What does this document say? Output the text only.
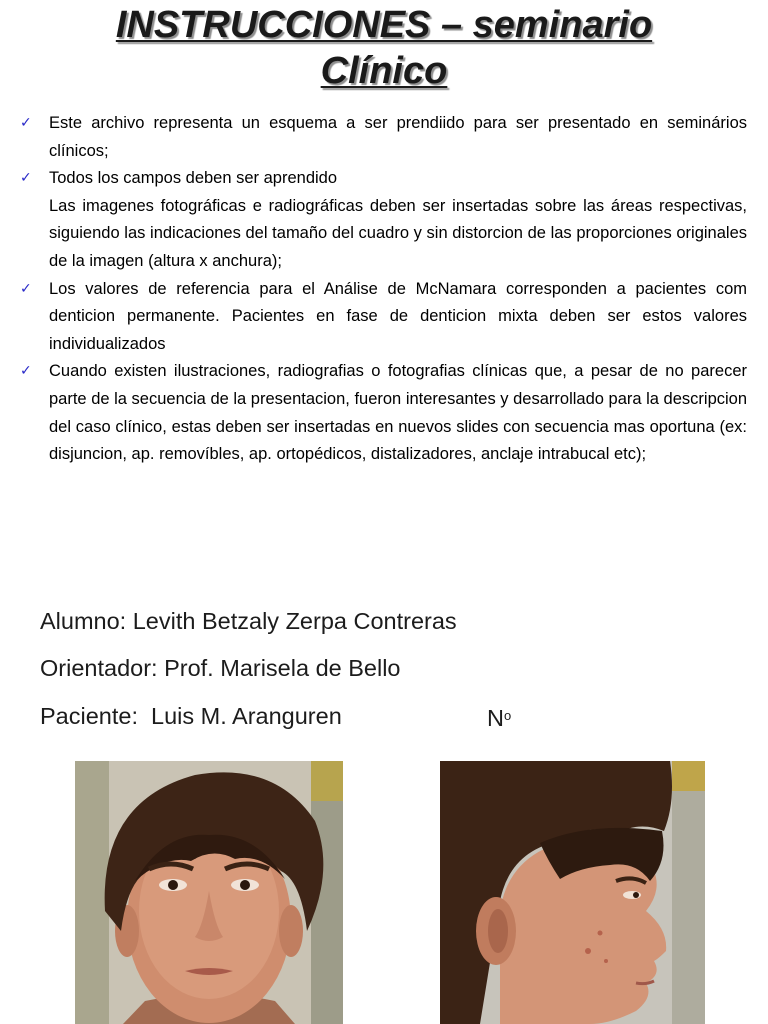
INSTRUCCIONES – seminario
Clínico
✓ Este archivo representa un esquema a ser prendiido para ser presentado en seminários clínicos;
✓ Todos los campos deben ser aprendido
Las imagenes fotográficas e radiográficas deben ser insertadas sobre las áreas respectivas, siguiendo las indicaciones del tamaño del cuadro y sin distorcion de las proporciones originales de la imagen (altura x anchura);
✓ Los valores de referencia para el Análise de McNamara corresponden a pacientes com denticion permanente. Pacientes en fase de denticion mixta deben ser estos valores individualizados
✓ Cuando existen ilustraciones, radiografias o fotografias clínicas que, a pesar de no parecer parte de la secuencia de la presentacion, fueron interesantes y desarrollado para la descripcion del caso clínico, estas deben ser insertadas en nuevos slides con secuencia mas oportuna (ex: disjuncion, ap. removíbles, ap. ortopédicos, distalizadores, anclaje intrabucal etc);
Alumno: Levith Betzaly Zerpa Contreras
Orientador: Prof. Marisela de Bello
Paciente:  Luis M. Aranguren	$N^o$
